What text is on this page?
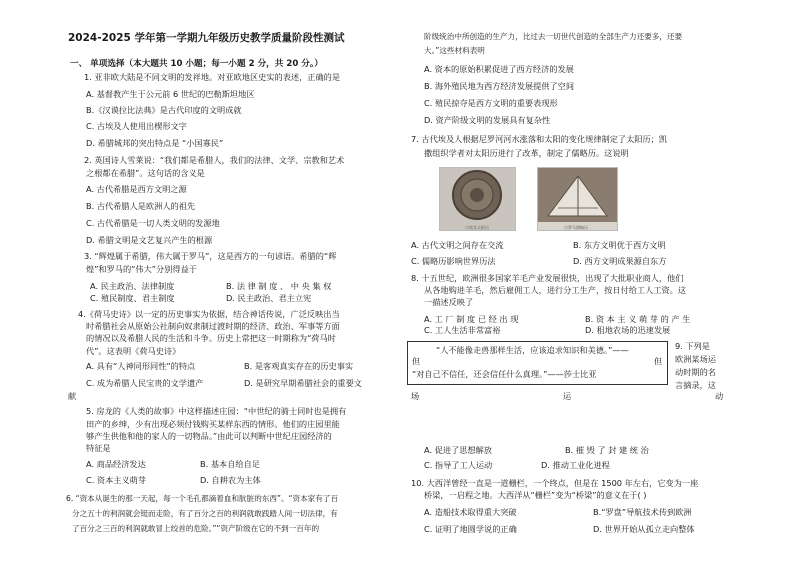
2024-2025 学年第一学期九年级历史教学质量阶段性测试
一、 单项选择（本大题共 10 小题；每一小题 2 分，共 20 分。）
1. 亚非欧大陆是不同文明的发祥地。对亚欧地区史实的表述，正确的是
A. 基督教产生于公元前 6 世纪的巴勒斯坦地区
B.《汉谟拉比法典》是古代印度的文明成就
C. 古埃及人使用出楔形文字
D. 希腊城邦的突出特点是 “小国寡民”
2. 英国诗人雪莱说：“我们都是希腊人，我们的法律、文学、宗教和艺术
之根都在希腊”。这句话的含义是
A. 古代希腊是西方文明之源
B. 古代希腊人是欧洲人的祖先
C. 古代希腊是一切人类文明的发源地
D. 希腊文明是文艺复兴产生的根源
3. “辉煌属于希腊，伟大属于罗马”，这是西方的一句谚语。希腊的“辉
煌”和罗马的“伟大”分别得益于
A. 民主政治、法律制度	B. 法 律 制 度 、 中 央 集 权
C. 殖民制度、君主制度	D. 民主政治、君主立宪
4.《荷马史诗》以一定的历史事实为依据，结合神话传说，广泛反映出当
时希腊社会从原始公社制向奴隶制过渡时期的经济、政治、军事等方面
的情况以及希腊人民的生活和斗争。历史上常把这一时期称为“荷马时
代”。这表明《荷马史诗》
A. 具有“人神同形同性”的特点	B. 是客观真实存在的历史事实
C. 成为希腊人民宝贵的文学遗产	D. 是研究早期希腊社会的重要文
献
5. 房龙的《人类的故事》中这样描述庄园：“中世纪的骑士同时也是拥有
田产的乡绅，少有出现必须付钱购买某样东西的情形。他们的庄园里能
够产生供他和他的家人的一切物品。”由此可以判断中世纪庄园经济的
特征是
A. 商品经济发达	B. 基本自给自足
C. 资本主义萌芽	D. 自耕农为主体
6. “资本从诞生的那一天起，每一个毛孔都滴着血和肮脏的东西”。“资本家有了百
分之五十的利润就会铤而走险，有了百分之百的利润就敢践踏人间一切法律，有
了百分之三百的利润就敢冒上绞首的危险。”“资产阶级在它的不到一百年的
阶级统治中所创造的生产力，比过去一切世代创造的全部生产力还要多，还要
大。”这些材料表明
A. 资本的原始积累促进了西方经济的发展
B. 海外殖民地为西方经济发展提供了空间
C. 殖民掠夺是西方文明的重要表现形
D. 资产阶级文明的发展具有复杂性
7. 古代埃及人根据尼罗河河水涨落和太阳的变化规律制定了太阳历；凯
撒组织学者对太阳历进行了改革，制定了儒略历。这说明
古埃及太阳历	古罗马儒略历
A. 古代文明之间存在交流	B. 东方文明优于西方文明
C. 儒略历影响世界历法	D. 西方文明成果源自东方
8. 十五世纪，欧洲很多国家羊毛产业发展很快，出现了大批职业商人，他们
从各地购进羊毛，然后雇佣工人，进行分工生产，按日付给工人工资。这
一描述反映了
A. 工 厂 制 度 已 经 出 现	B. 资 本 主 义 萌 芽 的 产 生
C. 工人生活非常富裕	D. 租地农场的迅速发展
“人不能像走兽那样生活，应该追求知识和美德。”——
但	但
“对自己不信任，还会信任什么真理。”——莎士比亚
9. 下列是
欧洲某场运
动时期的名
言摘录，这
场	运	动
A. 促进了思想解放	B. 摧 毁 了 封 建 统 治
C. 指导了工人运动	D. 推动工业化进程
10. 大西洋曾经一直是一道栅栏，一个终点，但是在 1500 年左右，它变为一座
桥梁，一启程之地。大西洋从“栅栏”变为“桥梁”的意义在于( )
A. 造船技术取得重大突破	B.“罗盘”导航技术传到欧洲
C. 证明了地圆学说的正确	D. 世界开始从孤立走向整体
